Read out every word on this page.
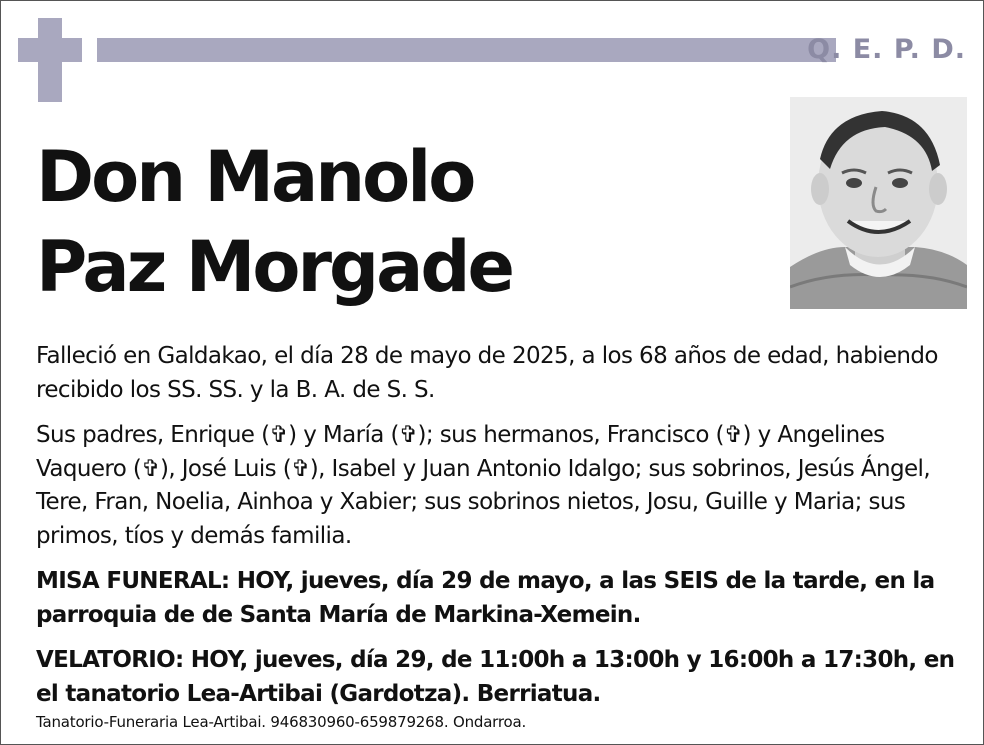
Q. E. P. D.
Don Manolo
Paz Morgade

Falleció en Galdakao, el día 28 de mayo de 2025, a los 68 años de edad, habiendo recibido los SS. SS. y la B. A. de S. S.

Sus padres, Enrique (✞) y María (✞); sus hermanos, Francisco (✞) y Angelines Vaquero (✞), José Luis (✞), Isabel y Juan Antonio Idalgo; sus sobrinos, Jesús Ángel, Tere, Fran, Noelia, Ainhoa y Xabier; sus sobrinos nietos, Josu, Guille y Maria; sus primos, tíos y demás familia.

MISA FUNERAL: HOY, jueves, día 29 de mayo, a las SEIS de la tarde, en la parroquia de de Santa María de Markina-Xemein.

VELATORIO: HOY, jueves, día 29, de 11:00h a 13:00h y 16:00h a 17:30h, en el tanatorio Lea-Artibai (Gardotza). Berriatua.

Tanatorio-Funeraria Lea-Artibai. 946830960-659879268. Ondarroa.
